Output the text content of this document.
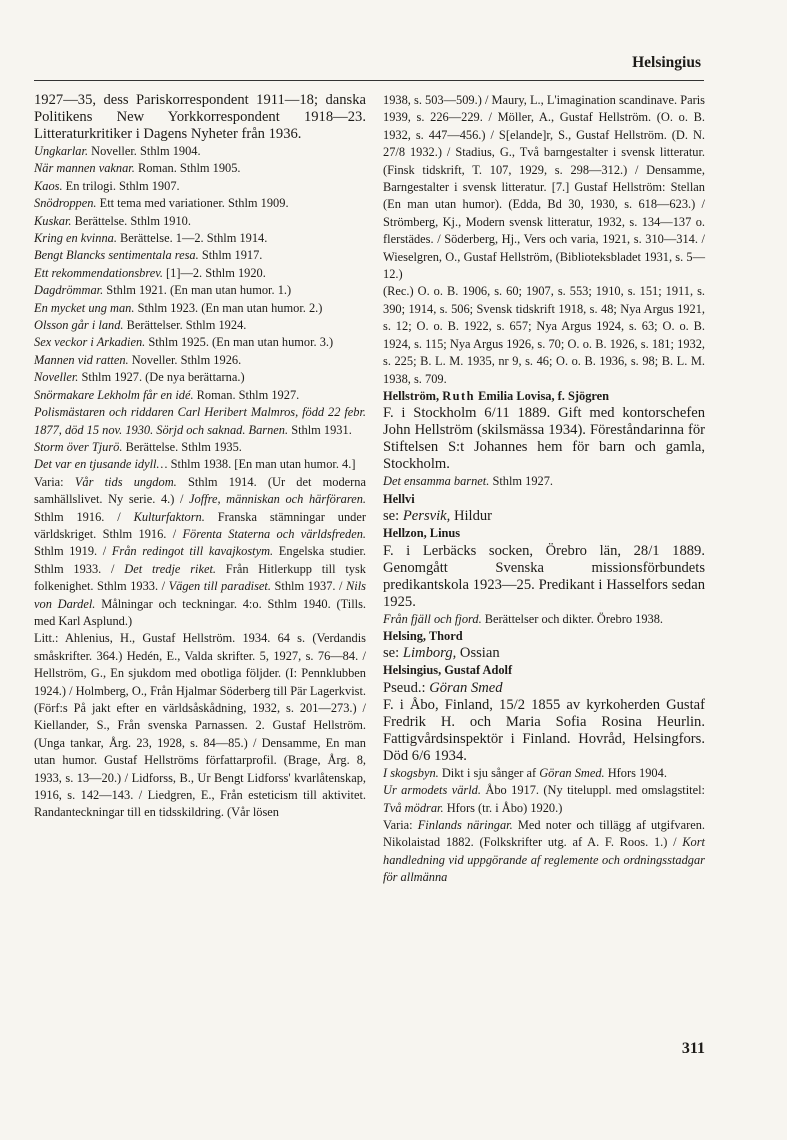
Helsingius

1927—35, dess Pariskorrespondent 1911—18; danska Politikens New Yorkkorrespondent 1918—23. Litteraturkritiker i Dagens Nyheter från 1936.

Ungkarlar. Noveller. Sthlm 1904.

När mannen vaknar. Roman. Sthlm 1905.

Kaos. En trilogi. Sthlm 1907.

Snödroppen. Ett tema med variationer. Sthlm 1909.

Kuskar. Berättelse. Sthlm 1910.

Kring en kvinna. Berättelse. 1—2. Sthlm 1914.

Bengt Blancks sentimentala resa. Sthlm 1917.

Ett rekommendationsbrev. [1]—2. Sthlm 1920.

Dagdrömmar. Sthlm 1921. (En man utan humor. 1.)

En mycket ung man. Sthlm 1923. (En man utan humor. 2.)

Olsson går i land. Berättelser. Sthlm 1924.

Sex veckor i Arkadien. Sthlm 1925. (En man utan humor. 3.)

Mannen vid ratten. Noveller. Sthlm 1926.

Noveller. Sthlm 1927. (De nya berättarna.)

Snörmakare Lekholm får en idé. Roman. Sthlm 1927.

Polismästaren och riddaren Carl Heribert Malmros, född 22 febr. 1877, död 15 nov. 1930. Sörjd och saknad. Barnen. Sthlm 1931.

Storm över Tjurö. Berättelse. Sthlm 1935.

Det var en tjusande idyll… Sthlm 1938. [En man utan humor. 4.]

Varia: Vår tids ungdom. Sthlm 1914. (Ur det moderna samhällslivet. Ny serie. 4.) / Joffre, människan och härföraren. Sthlm 1916. / Kulturfaktorn. Franska stämningar under världskriget. Sthlm 1916. / Förenta Staterna och världsfreden. Sthlm 1919. / Från redingot till kavajkostym. Engelska studier. Sthlm 1933. / Det tredje riket. Från Hitlerkupp till tysk folkenighet. Sthlm 1933. / Vägen till paradiset. Sthlm 1937. / Nils von Dardel. Målningar och teckningar. 4:o. Sthlm 1940. (Tills. med Karl Asplund.)

Litt.: Ahlenius, H., Gustaf Hellström. 1934. 64 s. (Verdandis småskrifter. 364.) Hedén, E., Valda skrifter. 5, 1927, s. 76—84. / Hellström, G., En sjukdom med obotliga följder. (I: Pennklubben 1924.) / Holmberg, O., Från Hjalmar Söderberg till Pär Lagerkvist. (Förf:s På jakt efter en världsåskådning, 1932, s. 201—273.) / Kiellander, S., Från svenska Parnassen. 2. Gustaf Hellström. (Unga tankar, Årg. 23, 1928, s. 84—85.) / Densamme, En man utan humor. Gustaf Hellströms författarprofil. (Brage, Årg. 8, 1933, s. 13—20.) / Lidforss, B., Ur Bengt Lidforss' kvarlåtenskap, 1916, s. 142—143. / Liedgren, E., Från esteticism till aktivitet. Randanteckningar till en tidsskildring. (Vår lösen

1938, s. 503—509.) / Maury, L., L'imagination scandinave. Paris 1939, s. 226—229. / Möller, A., Gustaf Hellström. (O. o. B. 1932, s. 447—456.) / S[elande]r, S., Gustaf Hellström. (D. N. 27/8 1932.) / Stadius, G., Två barngestalter i svensk litteratur. (Finsk tidskrift, T. 107, 1929, s. 298—312.) / Densamme, Barngestalter i svensk litteratur. [7.] Gustaf Hellström: Stellan (En man utan humor). (Edda, Bd 30, 1930, s. 618—623.) / Strömberg, Kj., Modern svensk litteratur, 1932, s. 134—137 o. flerstädes. / Söderberg, Hj., Vers och varia, 1921, s. 310—314. / Wieselgren, O., Gustaf Hellström, (Biblioteksbladet 1931, s. 5—12.)

(Rec.) O. o. B. 1906, s. 60; 1907, s. 553; 1910, s. 151; 1911, s. 390; 1914, s. 506; Svensk tidskrift 1918, s. 48; Nya Argus 1921, s. 12; O. o. B. 1922, s. 657; Nya Argus 1924, s. 63; O. o. B. 1924, s. 115; Nya Argus 1926, s. 70; O. o. B. 1926, s. 181; 1932, s. 225; B. L. M. 1935, nr 9, s. 46; O. o. B. 1936, s. 98; B. L. M. 1938, s. 709.

Hellström, Ruth Emilia Lovisa, f. Sjögren

F. i Stockholm 6/11 1889. Gift med kontorschefen John Hellström (skilsmässa 1934). Föreståndarinna för Stiftelsen S:t Johannes hem för barn och gamla, Stockholm.

Det ensamma barnet. Sthlm 1927.

Hellvi

se: Persvik, Hildur

Hellzon, Linus

F. i Lerbäcks socken, Örebro län, 28/1 1889. Genomgått Svenska missionsförbundets predikantskola 1923—25. Predikant i Hasselfors sedan 1925.

Från fjäll och fjord. Berättelser och dikter. Örebro 1938.

Helsing, Thord

se: Limborg, Ossian

Helsingius, Gustaf Adolf

Pseud.: Göran Smed

F. i Åbo, Finland, 15/2 1855 av kyrkoherden Gustaf Fredrik H. och Maria Sofia Rosina Heurlin. Fattigvårdsinspektör i Finland. Hovråd, Helsingfors. Död 6/6 1934.

I skogsbyn. Dikt i sju sånger af Göran Smed. Hfors 1904.

Ur armodets värld. Åbo 1917. (Ny titeluppl. med omslagstitel: Två mödrar. Hfors (tr. i Åbo) 1920.)

Varia: Finlands näringar. Med noter och tillägg af utgifvaren. Nikolaistad 1882. (Folkskrifter utg. af A. F. Roos. 1.) / Kort handledning vid uppgörande af reglemente och ordningsstadgar för allmänna

311
